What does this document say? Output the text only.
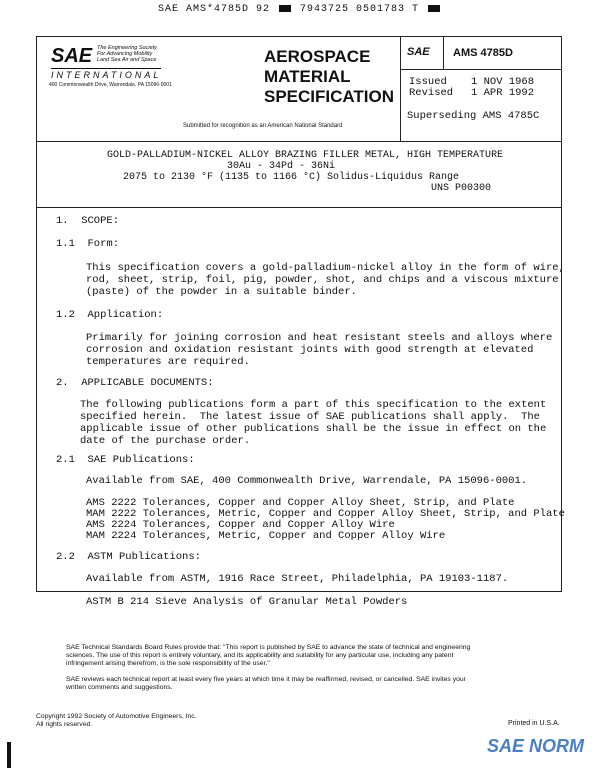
SAE AMS*4785D 92	7943725 0501783 T
SAE The Engineering Society
For Advancing Mobility
Land Sea Air and Space
INTERNATIONAL
400 Commonwealth Drive, Warrendale, PA 15096-0001
AEROSPACE
MATERIAL
SPECIFICATION
Submitted for recognition as an American National Standard
SAE AMS 4785D
Issued 1 NOV 1968
Revised 1 APR 1992
Superseding AMS 4785C
GOLD-PALLADIUM-NICKEL ALLOY BRAZING FILLER METAL, HIGH TEMPERATURE
30Au - 34Pd - 36Ni
2075 to 2130 °F (1135 to 1166 °C) Solidus-Liquidus Range
UNS P00300
1.  SCOPE:
1.1  Form:
This specification covers a gold-palladium-nickel alloy in the form of wire,
rod, sheet, strip, foil, pig, powder, shot, and chips and a viscous mixture
(paste) of the powder in a suitable binder.
1.2  Application:
Primarily for joining corrosion and heat resistant steels and alloys where
corrosion and oxidation resistant joints with good strength at elevated
temperatures are required.
2.  APPLICABLE DOCUMENTS:
The following publications form a part of this specification to the extent
specified herein.  The latest issue of SAE publications shall apply.  The
applicable issue of other publications shall be the issue in effect on the
date of the purchase order.
2.1  SAE Publications:
Available from SAE, 400 Commonwealth Drive, Warrendale, PA 15096-0001.
AMS 2222 Tolerances, Copper and Copper Alloy Sheet, Strip, and Plate
MAM 2222 Tolerances, Metric, Copper and Copper Alloy Sheet, Strip, and Plate
AMS 2224 Tolerances, Copper and Copper Alloy Wire
MAM 2224 Tolerances, Metric, Copper and Copper Alloy Wire
2.2  ASTM Publications:
Available from ASTM, 1916 Race Street, Philadelphia, PA 19103-1187.
ASTM B 214 Sieve Analysis of Granular Metal Powders
SAE Technical Standards Board Rules provide that: "This report is published by SAE to advance the state of technical and engineering
sciences. The use of this report is entirely voluntary, and its applicability and suitability for any particular use, including any patent
infringement arising therefrom, is the sole responsibility of the user."
SAE reviews each technical report at least every five years at which time it may be reaffirmed, revised, or cancelled. SAE invites your
written comments and suggestions.
Copyright 1992 Society of Automotive Engineers, Inc.
All rights reserved.	Printed in U.S.A.
SAE NORM
